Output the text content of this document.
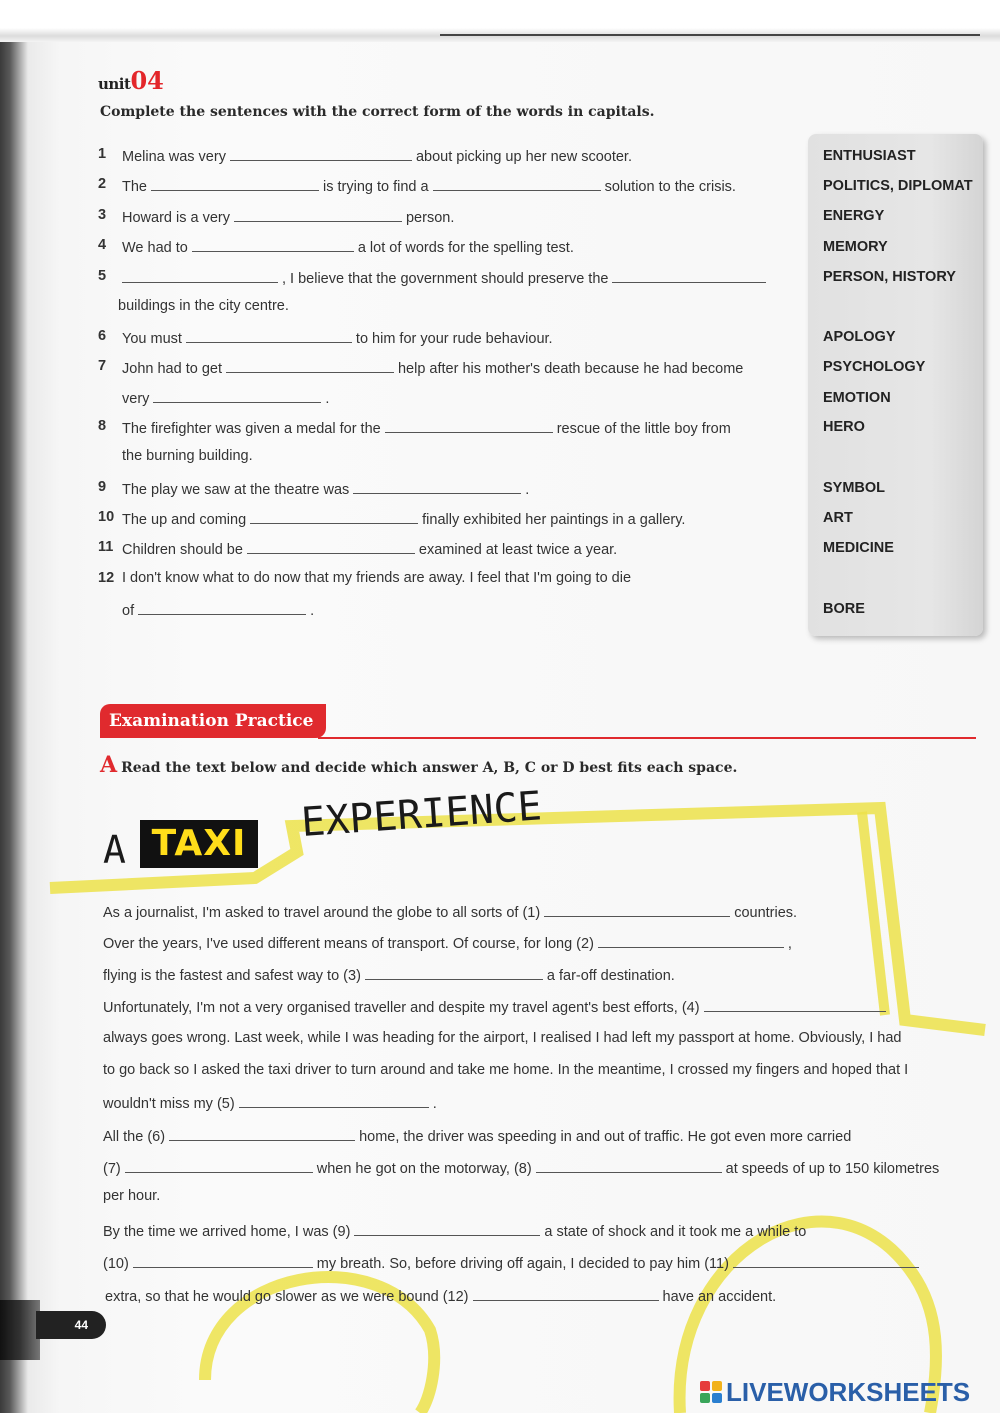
unit04
Complete the sentences with the correct form of the words in capitals.
1 Melina was very	about picking up her new scooter.	ENTHUSIAST
2 The	is trying to find a	solution to the crisis.	POLITICS, DIPLOMAT
3 Howard is a very	person.	ENERGY
4 We had to	a lot of words for the spelling test.	MEMORY
5	, I believe that the government should preserve the
buildings in the city centre.
PERSON, HISTORY
6 You must	to him for your rude behaviour.	APOLOGY
7 John had to get	help after his mother's death because he had become
very	.
PSYCHOLOGY
EMOTION
8 The firefighter was given a medal for the	rescue of the little boy from
the burning building.
HERO
9 The play we saw at the theatre was	.	SYMBOL
10 The up and coming	finally exhibited her paintings in a gallery.	ART
11 Children should be	examined at least twice a year.	MEDICINE
12 I don't know what to do now that my friends are away. I feel that I'm going to die
of	.	BORE
Examination Practice
A Read the text below and decide which answer A, B, C or D best fits each space.
A TAXI EXPERIENCE
As a journalist, I'm asked to travel around the globe to all sorts of (1)	countries.
Over the years, I've used different means of transport. Of course, for long (2)	,
flying is the fastest and safest way to (3)	a far-off destination.
Unfortunately, I'm not a very organised traveller and despite my travel agent's best efforts, (4)
always goes wrong. Last week, while I was heading for the airport, I realised I had left my passport at home. Obviously, I had
to go back so I asked the taxi driver to turn around and take me home. In the meantime, I crossed my fingers and hoped that I
wouldn't miss my (5)	.
All the (6)	home, the driver was speeding in and out of traffic. He got even more carried
(7)	when he got on the motorway, (8)	at speeds of up to 150 kilometres
per hour.
By the time we arrived home, I was (9)	a state of shock and it took me a while to
(10)	my breath. So, before driving off again, I decided to pay him (11)
extra, so that he would go slower as we were bound (12)	have an accident.
44
LIVEWORKSHEETS
